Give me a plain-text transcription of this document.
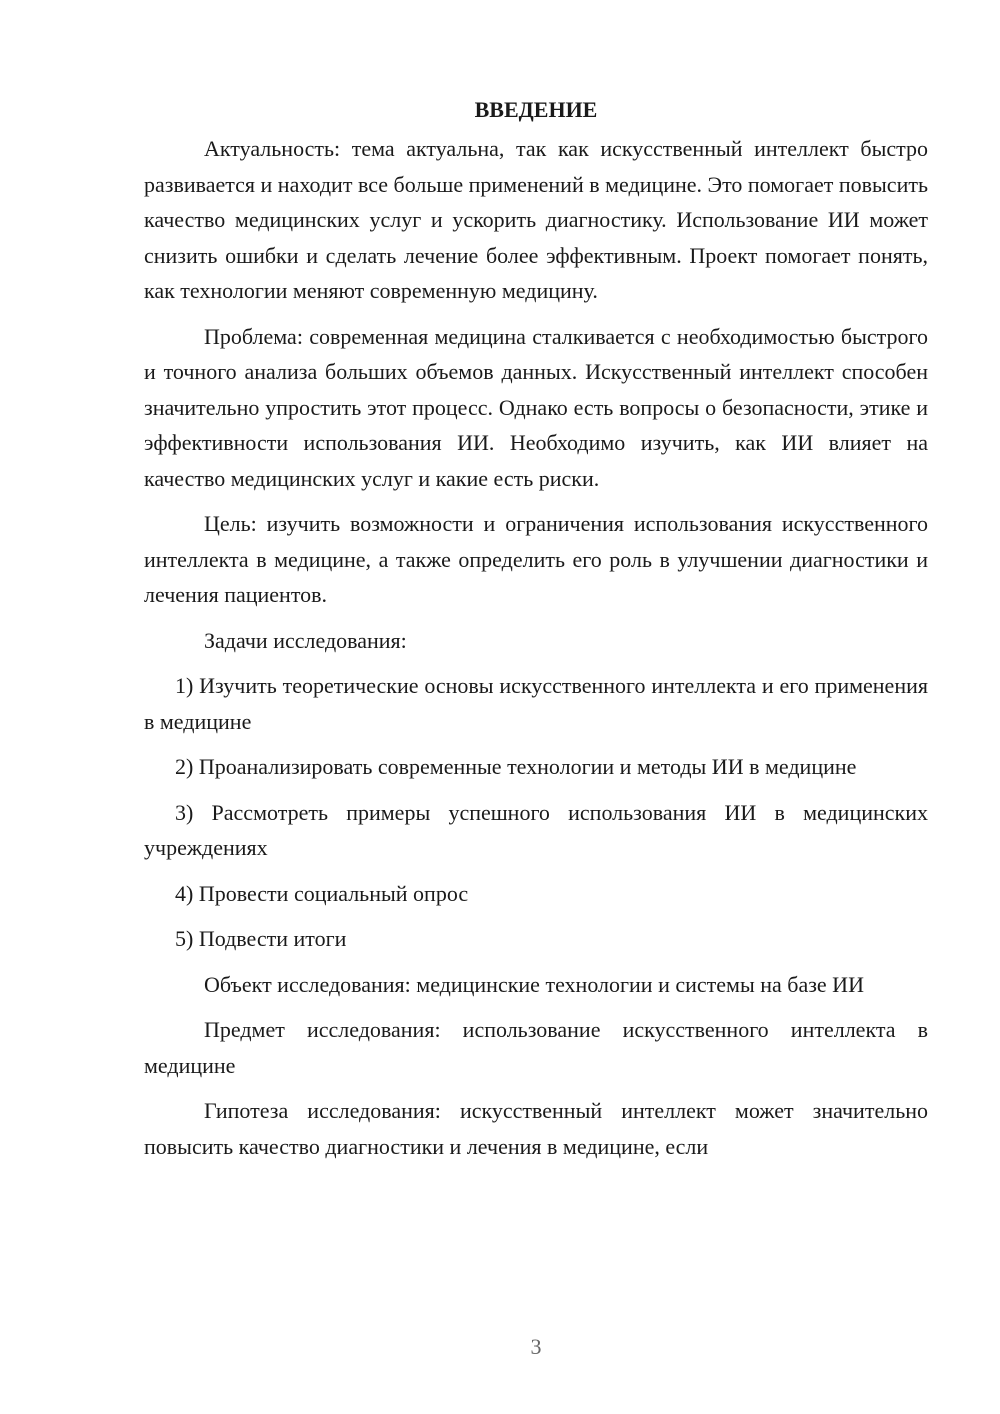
ВВЕДЕНИЕ

Актуальность: тема актуальна, так как искусственный интеллект быстро развивается и находит все больше применений в медицине. Это помогает повысить качество медицинских услуг и ускорить диагностику. Использование ИИ может снизить ошибки и сделать лечение более эффективным. Проект помогает понять, как технологии меняют современную медицину.

Проблема: современная медицина сталкивается с необходимостью быстрого и точного анализа больших объемов данных. Искусственный интеллект способен значительно упростить этот процесс. Однако есть вопросы о безопасности, этике и эффективности использования ИИ. Необходимо изучить, как ИИ влияет на качество медицинских услуг и какие есть риски.

Цель: изучить возможности и ограничения использования искусственного интеллекта в медицине, а также определить его роль в улучшении диагностики и лечения пациентов.

Задачи исследования:

1) Изучить теоретические основы искусственного интеллекта и его применения в медицине

2) Проанализировать современные технологии и методы ИИ в медицине

3) Рассмотреть примеры успешного использования ИИ в медицинских учреждениях

4) Провести социальный опрос

5) Подвести итоги

Объект исследования: медицинские технологии и системы на базе ИИ

Предмет исследования: использование искусственного интеллекта в медицине

Гипотеза исследования: искусственный интеллект может значительно повысить качество диагностики и лечения в медицине, если

3
